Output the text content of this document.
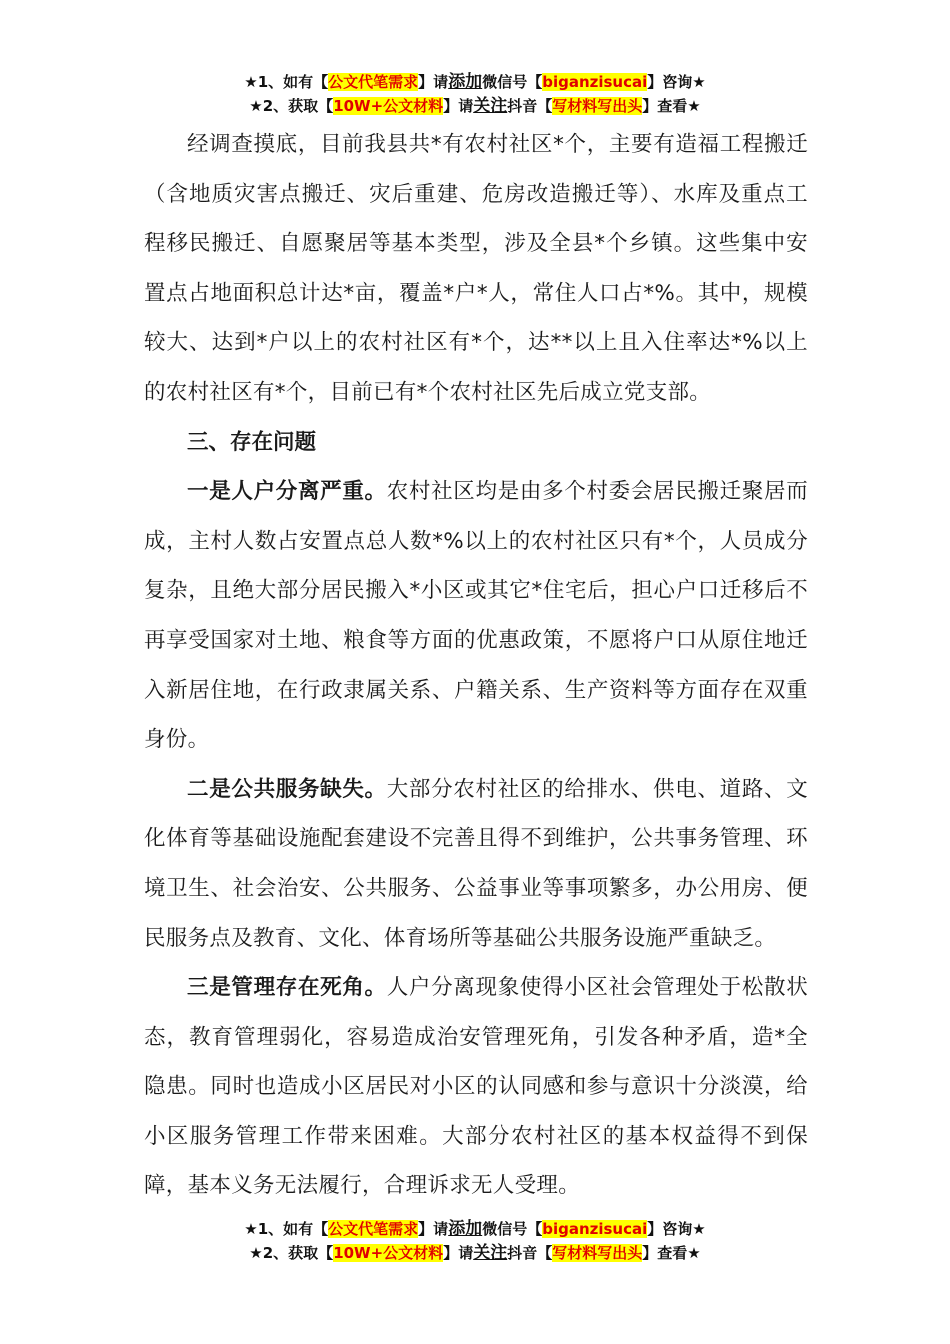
★1、如有【公文代笔需求】请添加微信号【biganzisucai】咨询★
★2、获取【10W+公文材料】请关注抖音【写材料写出头】查看★

经调查摸底，目前我县共*有农村社区*个，主要有造福工程搬迁（含地质灾害点搬迁、灾后重建、危房改造搬迁等）、水库及重点工程移民搬迁、自愿聚居等基本类型，涉及全县*个乡镇。这些集中安置点占地面积总计达*亩，覆盖*户*人，常住人口占*%。其中，规模较大、达到*户以上的农村社区有*个，达**以上且入住率达*%以上的农村社区有*个，目前已有*个农村社区先后成立党支部。

三、存在问题

一是人户分离严重。农村社区均是由多个村委会居民搬迁聚居而成，主村人数占安置点总人数*%以上的农村社区只有*个，人员成分复杂，且绝大部分居民搬入*小区或其它*住宅后，担心户口迁移后不再享受国家对土地、粮食等方面的优惠政策，不愿将户口从原住地迁入新居住地，在行政隶属关系、户籍关系、生产资料等方面存在双重身份。

二是公共服务缺失。大部分农村社区的给排水、供电、道路、文化体育等基础设施配套建设不完善且得不到维护，公共事务管理、环境卫生、社会治安、公共服务、公益事业等事项繁多，办公用房、便民服务点及教育、文化、体育场所等基础公共服务设施严重缺乏。

三是管理存在死角。人户分离现象使得小区社会管理处于松散状态，教育管理弱化，容易造成治安管理死角，引发各种矛盾，造*全隐患。同时也造成小区居民对小区的认同感和参与意识十分淡漠，给小区服务管理工作带来困难。大部分农村社区的基本权益得不到保障，基本义务无法履行，合理诉求无人受理。

★1、如有【公文代笔需求】请添加微信号【biganzisucai】咨询★
★2、获取【10W+公文材料】请关注抖音【写材料写出头】查看★
